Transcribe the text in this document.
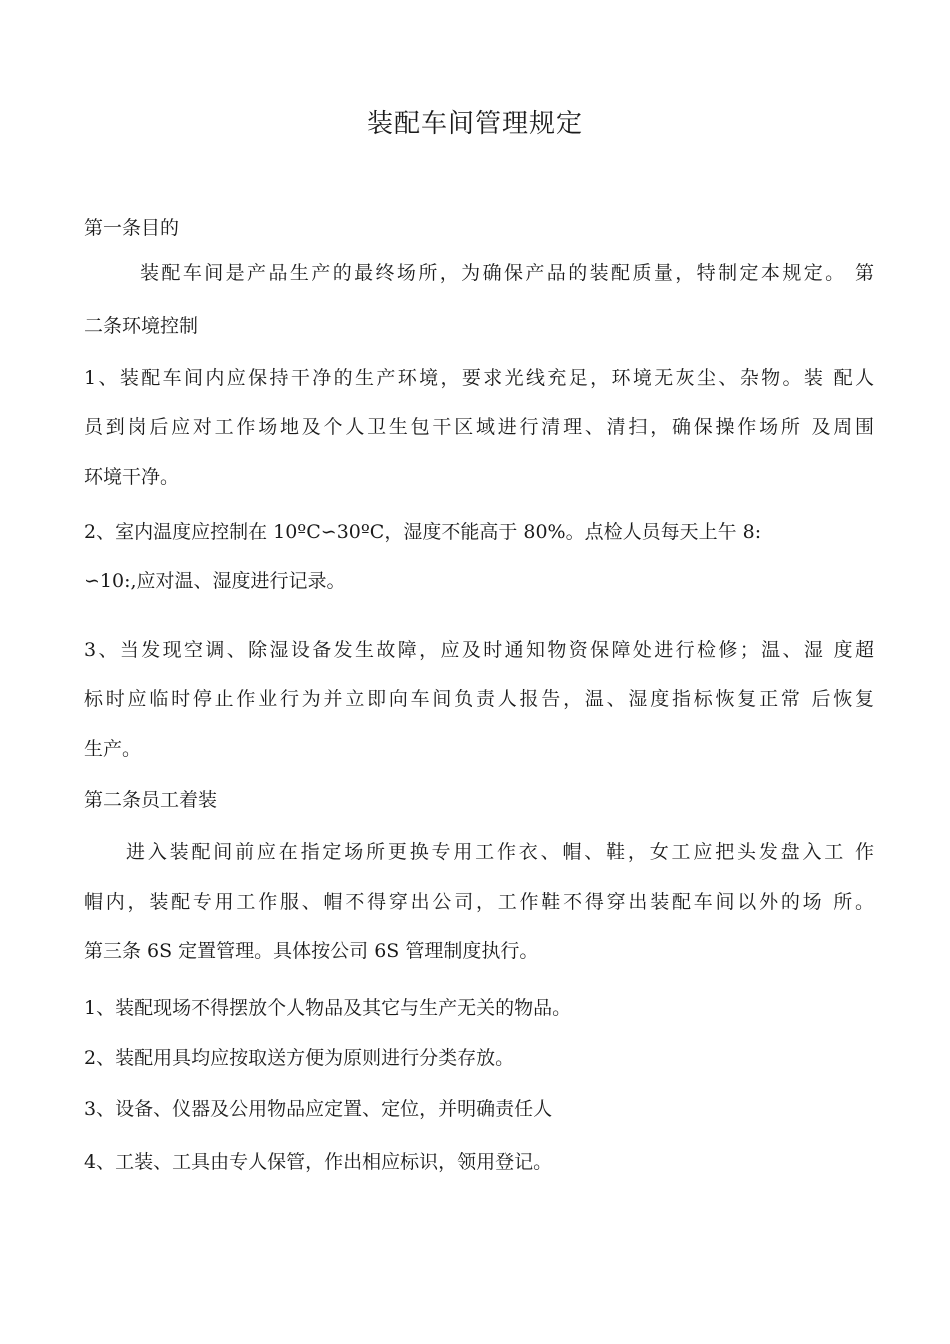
装配车间管理规定
第一条目的
装配车间是产品生产的最终场所，为确保产品的装配质量，特制定本规定。 第
二条环境控制
1、装配车间内应保持干净的生产环境，要求光线充足，环境无灰尘、杂物。装 配人
员到岗后应对工作场地及个人卫生包干区域进行清理、清扫，确保操作场所 及周围
环境干净。
2、室内温度应控制在 10ºC∽30ºC，湿度不能高于 80%。点检人员每天上午 8:
∽10:,应对温、湿度进行记录。
3、当发现空调、除湿设备发生故障，应及时通知物资保障处进行检修；温、湿 度超
标时应临时停止作业行为并立即向车间负责人报告，温、湿度指标恢复正常 后恢复
生产。
第二条员工着装
进入装配间前应在指定场所更换专用工作衣、帽、鞋，女工应把头发盘入工 作
帽内，装配专用工作服、帽不得穿出公司，工作鞋不得穿出装配车间以外的场 所。
第三条 6S 定置管理。具体按公司 6S 管理制度执行。
1、装配现场不得摆放个人物品及其它与生产无关的物品。
2、装配用具均应按取送方便为原则进行分类存放。
3、设备、仪器及公用物品应定置、定位，并明确责任人
4、工装、工具由专人保管，作出相应标识，领用登记。
